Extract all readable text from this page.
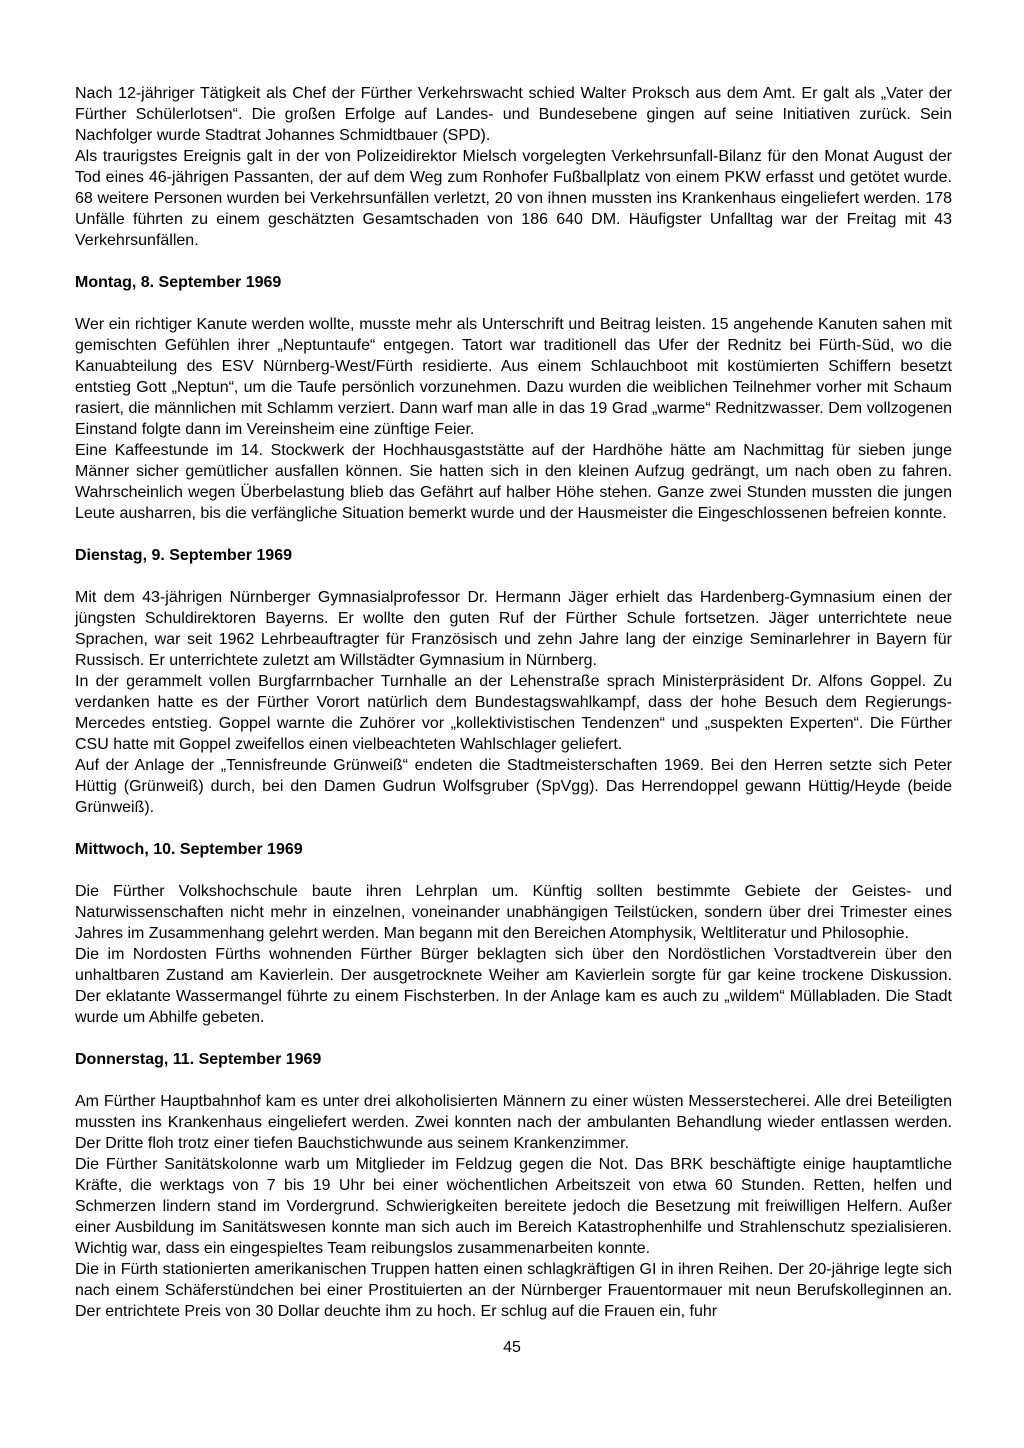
Nach 12-jähriger Tätigkeit als Chef der Fürther Verkehrswacht schied Walter Proksch aus dem Amt. Er galt als „Vater der Fürther Schülerlotsen“. Die großen Erfolge auf Landes- und Bundesebene gingen auf seine Initiativen zurück. Sein Nachfolger wurde Stadtrat Johannes Schmidtbauer (SPD).

Als traurigstes Ereignis galt in der von Polizeidirektor Mielsch vorgelegten Verkehrsunfall-Bilanz für den Monat August der Tod eines 46-jährigen Passanten, der auf dem Weg zum Ronhofer Fußballplatz von einem PKW erfasst und getötet wurde. 68 weitere Personen wurden bei Verkehrsunfällen verletzt, 20 von ihnen mussten ins Krankenhaus eingeliefert werden. 178 Unfälle führten zu einem geschätzten Gesamtschaden von 186 640 DM. Häufigster Unfalltag war der Freitag mit 43 Verkehrsunfällen.

Montag, 8. September 1969

Wer ein richtiger Kanute werden wollte, musste mehr als Unterschrift und Beitrag leisten. 15 angehende Kanuten sahen mit gemischten Gefühlen ihrer „Neptuntaufe“ entgegen. Tatort war traditionell das Ufer der Rednitz bei Fürth-Süd, wo die Kanuabteilung des ESV Nürnberg-West/Fürth residierte. Aus einem Schlauchboot mit kostümierten Schiffern besetzt entstieg Gott „Neptun“, um die Taufe persönlich vorzunehmen. Dazu wurden die weiblichen Teilnehmer vorher mit Schaum rasiert, die männlichen mit Schlamm verziert. Dann warf man alle in das 19 Grad „warme“ Rednitzwasser. Dem vollzogenen Einstand folgte dann im Vereinsheim eine zünftige Feier.

Eine Kaffeestunde im 14. Stockwerk der Hochhausgaststätte auf der Hardhöhe hätte am Nachmittag für sieben junge Männer sicher gemütlicher ausfallen können. Sie hatten sich in den kleinen Aufzug gedrängt, um nach oben zu fahren. Wahrscheinlich wegen Überbelastung blieb das Gefährt auf halber Höhe stehen. Ganze zwei Stunden mussten die jungen Leute ausharren, bis die verfängliche Situation bemerkt wurde und der Hausmeister die Eingeschlossenen befreien konnte.

Dienstag, 9. September 1969

Mit dem 43-jährigen Nürnberger Gymnasialprofessor Dr. Hermann Jäger erhielt das Hardenberg-Gymnasium einen der jüngsten Schuldirektoren Bayerns. Er wollte den guten Ruf der Fürther Schule fortsetzen. Jäger unterrichtete neue Sprachen, war seit 1962 Lehrbeauftragter für Französisch und zehn Jahre lang der einzige Seminarlehrer in Bayern für Russisch. Er unterrichtete zuletzt am Willstädter Gymnasium in Nürnberg.

In der gerammelt vollen Burgfarrnbacher Turnhalle an der Lehenstraße sprach Ministerpräsident Dr. Alfons Goppel. Zu verdanken hatte es der Fürther Vorort natürlich dem Bundestagswahlkampf, dass der hohe Besuch dem Regierungs-Mercedes entstieg. Goppel warnte die Zuhörer vor „kollektivistischen Tendenzen“ und „suspekten Experten“. Die Fürther CSU hatte mit Goppel zweifellos einen vielbeachteten Wahlschlager geliefert.

Auf der Anlage der „Tennisfreunde Grünweiß“ endeten die Stadtmeisterschaften 1969. Bei den Herren setzte sich Peter Hüttig (Grünweiß) durch, bei den Damen Gudrun Wolfsgruber (SpVgg). Das Herrendoppel gewann Hüttig/Heyde (beide Grünweiß).

Mittwoch, 10. September 1969

Die Fürther Volkshochschule baute ihren Lehrplan um. Künftig sollten bestimmte Gebiete der Geistes- und Naturwissenschaften nicht mehr in einzelnen, voneinander unabhängigen Teilstücken, sondern über drei Trimester eines Jahres im Zusammenhang gelehrt werden. Man begann mit den Bereichen Atomphysik, Weltliteratur und Philosophie.

Die im Nordosten Fürths wohnenden Fürther Bürger beklagten sich über den Nordöstlichen Vorstadtverein über den unhaltbaren Zustand am Kavierlein. Der ausgetrocknete Weiher am Kavierlein sorgte für gar keine trockene Diskussion. Der eklatante Wassermangel führte zu einem Fischsterben. In der Anlage kam es auch zu „wildem“ Müllabladen. Die Stadt wurde um Abhilfe gebeten.

Donnerstag, 11. September 1969

Am Fürther Hauptbahnhof kam es unter drei alkoholisierten Männern zu einer wüsten Messerstecherei. Alle drei Beteiligten mussten ins Krankenhaus eingeliefert werden. Zwei konnten nach der ambulanten Behandlung wieder entlassen werden. Der Dritte floh trotz einer tiefen Bauchstichwunde aus seinem Krankenzimmer.

Die Fürther Sanitätskolonne warb um Mitglieder im Feldzug gegen die Not. Das BRK beschäftigte einige hauptamtliche Kräfte, die werktags von 7 bis 19 Uhr bei einer wöchentlichen Arbeitszeit von etwa 60 Stunden. Retten, helfen und Schmerzen lindern stand im Vordergrund. Schwierigkeiten bereitete jedoch die Besetzung mit freiwilligen Helfern. Außer einer Ausbildung im Sanitätswesen konnte man sich auch im Bereich Katastrophenhilfe und Strahlenschutz spezialisieren. Wichtig war, dass ein eingespieltes Team reibungslos zusammenarbeiten konnte.

Die in Fürth stationierten amerikanischen Truppen hatten einen schlagkräftigen GI in ihren Reihen. Der 20-jährige legte sich nach einem Schäferstündchen bei einer Prostituierten an der Nürnberger Frauentormauer mit neun Berufskolleginnen an. Der entrichtete Preis von 30 Dollar deuchte ihm zu hoch. Er schlug auf die Frauen ein, fuhr

45
